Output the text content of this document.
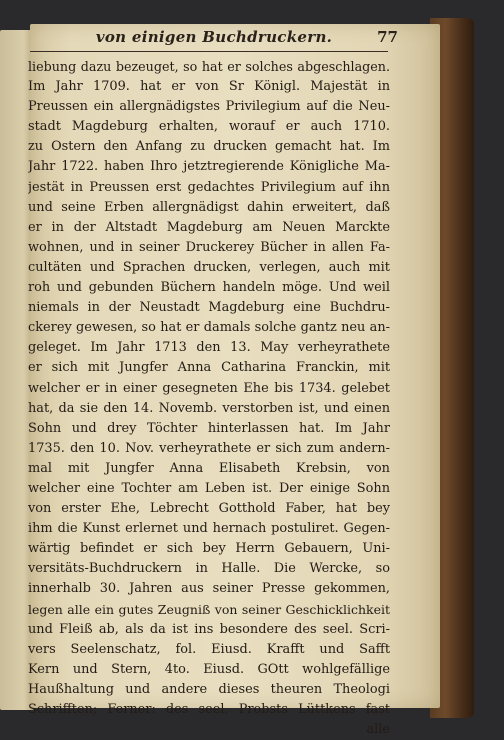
von einigen Buchdruckern.	77
liebung dazu bezeuget, so hat er solches abgeschlagen.
Im Jahr 1709. hat er von Sr Königl. Majestät in
Preussen ein allergnädigstes Privilegium auf die Neu-
stadt Magdeburg erhalten, worauf er auch 1710.
zu Ostern den Anfang zu drucken gemacht hat. Im
Jahr 1722. haben Ihro jetztregierende Königliche Ma-
jestät in Preussen erst gedachtes Privilegium auf ihn
und seine Erben allergnädigst dahin erweitert, daß
er in der Altstadt Magdeburg am Neuen Marckte
wohnen, und in seiner Druckerey Bücher in allen Fa-
cultäten und Sprachen drucken, verlegen, auch mit
roh und gebunden Büchern handeln möge. Und weil
niemals in der Neustadt Magdeburg eine Buchdru-
ckerey gewesen, so hat er damals solche gantz neu an-
geleget. Im Jahr 1713 den 13. May verheyrathete
er sich mit Jungfer Anna Catharina Franckin, mit
welcher er in einer gesegneten Ehe bis 1734. gelebet
hat, da sie den 14. Novemb. verstorben ist, und einen
Sohn und drey Töchter hinterlassen hat. Im Jahr
1735. den 10. Nov. verheyrathete er sich zum andern-
mal mit Jungfer Anna Elisabeth Krebsin, von
welcher eine Tochter am Leben ist. Der einige Sohn
von erster Ehe, Lebrecht Gotthold Faber, hat bey
ihm die Kunst erlernet und hernach postuliret. Gegen-
wärtig befindet er sich bey Herrn Gebauern, Uni-
versitäts-Buchdruckern in Halle. Die Wercke, so
innerhalb 30. Jahren aus seiner Presse gekommen,
legen alle ein gutes Zeugniß von seiner Geschicklichkeit
und Fleiß ab, als da ist ins besondere des seel. Scri-
vers Seelenschatz, fol. Eiusd. Krafft und Safft
Kern und Stern, 4to. Eiusd. GOtt wohlgefällige
Haußhaltung und andere dieses theuren Theologi
Schrifften; Ferner: des seel. Probsts Lüttkens fast
alle
